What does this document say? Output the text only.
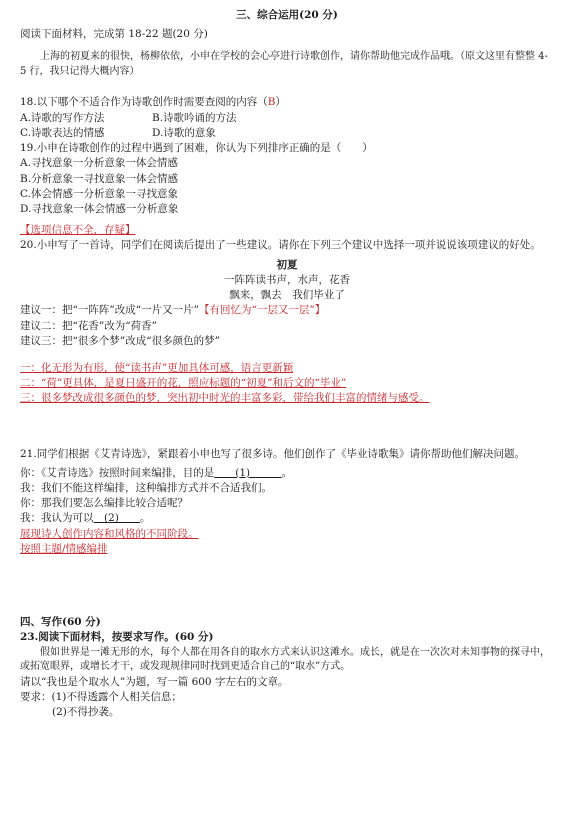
三、综合运用(20 分)

阅读下面材料，完成第 18-22 题(20 分)

上海的初夏来的很快，杨柳依依，小申在学校的会心亭进行诗歌创作，请你帮助他完成作品哦。（原文这里有整整 4-5 行，我只记得大概内容）

18.以下哪个不适合作为诗歌创作时需要查阅的内容（B）

A.诗歌的写作方法	B.诗歌吟诵的方法
C.诗歌表达的情感	D.诗歌的意象

19.小申在诗歌创作的过程中遇到了困难，你认为下列排序正确的是（　　）

A.寻找意象一分析意象一体会情感

B.分析意象一寻找意象一体会情感

C.体会情感一分析意象一寻找意象

D.寻找意象一体会情感一分析意象

【选项信息不全，存疑】

20.小申写了一首诗，同学们在阅读后提出了一些建议。请你在下列三个建议中选择一项并说说该项建议的好处。

初夏

一阵阵读书声，水声，花香

飘来，飘去　我们毕业了

建议一：把“一阵阵”改成“一片又一片”【有回忆为“一层又一层”】

建议二：把“花香”改为“荷香”

建议三：把“很多个梦”改成“很多颜色的梦”

一：化无形为有形，使“读书声”更加具体可感，语言更新颖

二：“荷”更具体，是夏日盛开的花，照应标题的“初夏”和后文的“毕业”

三：很多梦改成很多颜色的梦，突出初中时光的丰富多彩，带给我们丰富的情绪与感受。

21.同学们根据《艾青诗选》，紧跟着小申也写了很多诗。他们创作了《毕业诗歌集》请你帮助他们解决问题。

你：《艾青诗选》按照时间来编排，目的是　　(1)　　　。

我：我们不能这样编排，这种编排方式并不合适我们。

你：那我们要怎么编排比较合适呢？

我：我认为可以　(2)　　。

展现诗人创作内容和风格的不同阶段。

按照主题/情感编排

四、写作(60 分)

23.阅读下面材料，按要求写作。(60 分)

假如世界是一滩无形的水，每个人都在用各自的取水方式来认识这滩水。成长，就是在一次次对未知事物的探寻中，或拓宽眼界，或增长才干，或发现规律同时找到更适合自己的“取水”方式。

请以“我也是个取水人”为题，写一篇 600 字左右的文章。

要求：(1)不得透露个人相关信息；

(2)不得抄袭。
